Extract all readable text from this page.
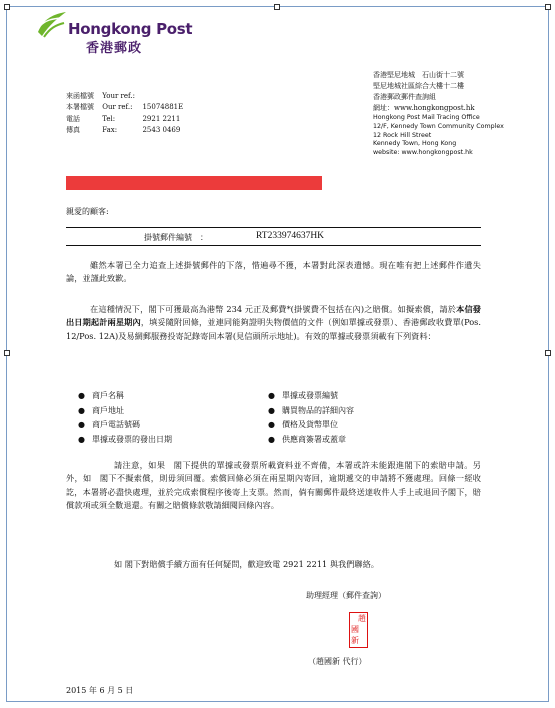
Hongkong Post
香港郵政
來函檔號 Your ref.:
本署檔號 Our ref.: 15074881E
電話	Tel:	2921 2211
傳真	Fax:	2543 0469
香港堅尼地城　石山街十二號
堅尼地城社區綜合大樓十二樓
香港郵政郵件查詢組
網址：www.hongkongpost.hk
Hongkong Post Mail Tracing Office
12/F, Kennedy Town Community Complex
12 Rock Hill Street
Kennedy Town, Hong Kong
website: www.hongkongpost.hk
親愛的顧客:
掛號郵件編號　：	RT233974637HK

雖然本署已全力追查上述掛號郵件的下落，惜遍尋不獲，本署對此深表遺憾。現在唯有把上述郵件作遺失論，並謹此致歉。

在這種情況下，閣下可獲最高為港幣 234 元正及郵費*(掛號費不包括在內)之賠償。如擬索償，請於本信發出日期起計兩星期內，填妥隨附回條，並連同能夠證明失物價值的文件（例如單據或發票）、香港郵政收費單(Pos. 12/Pos. 12A)及易網郵服務投寄記錄寄回本署(見信頭所示地址)。有效的單據或發票須載有下列資料：

● 商戶名稱
● 商戶地址
● 商戶電話號碼
● 單據或發票的發出日期
● 單據或發票編號
● 購買物品的詳細內容
● 價格及貨幣單位
● 供應商簽署或蓋章

請注意，如果　閣下提供的單據或發票所載資料並不齊備，本署或許未能跟進閣下的索賠申請。另外，如　閣下不擬索償，則毋須回覆。索償回條必須在兩星期內寄回，逾期遞交的申請將不獲處理。回條一經收訖，本署將必盡快處理，並於完成索償程序後寄上支票。然而，倘有關郵件最終送達收件人手上或退回予閣下，賠償款項或須全數退還。有關之賠償條款敬請細閱回條內容。

如 閣下對賠償手續方面有任何疑問，歡迎致電 2921 2211 與我們聯絡。

助理經理（郵件查詢）
趙
國
新
（趙國新 代行）
2015 年 6 月 5 日
